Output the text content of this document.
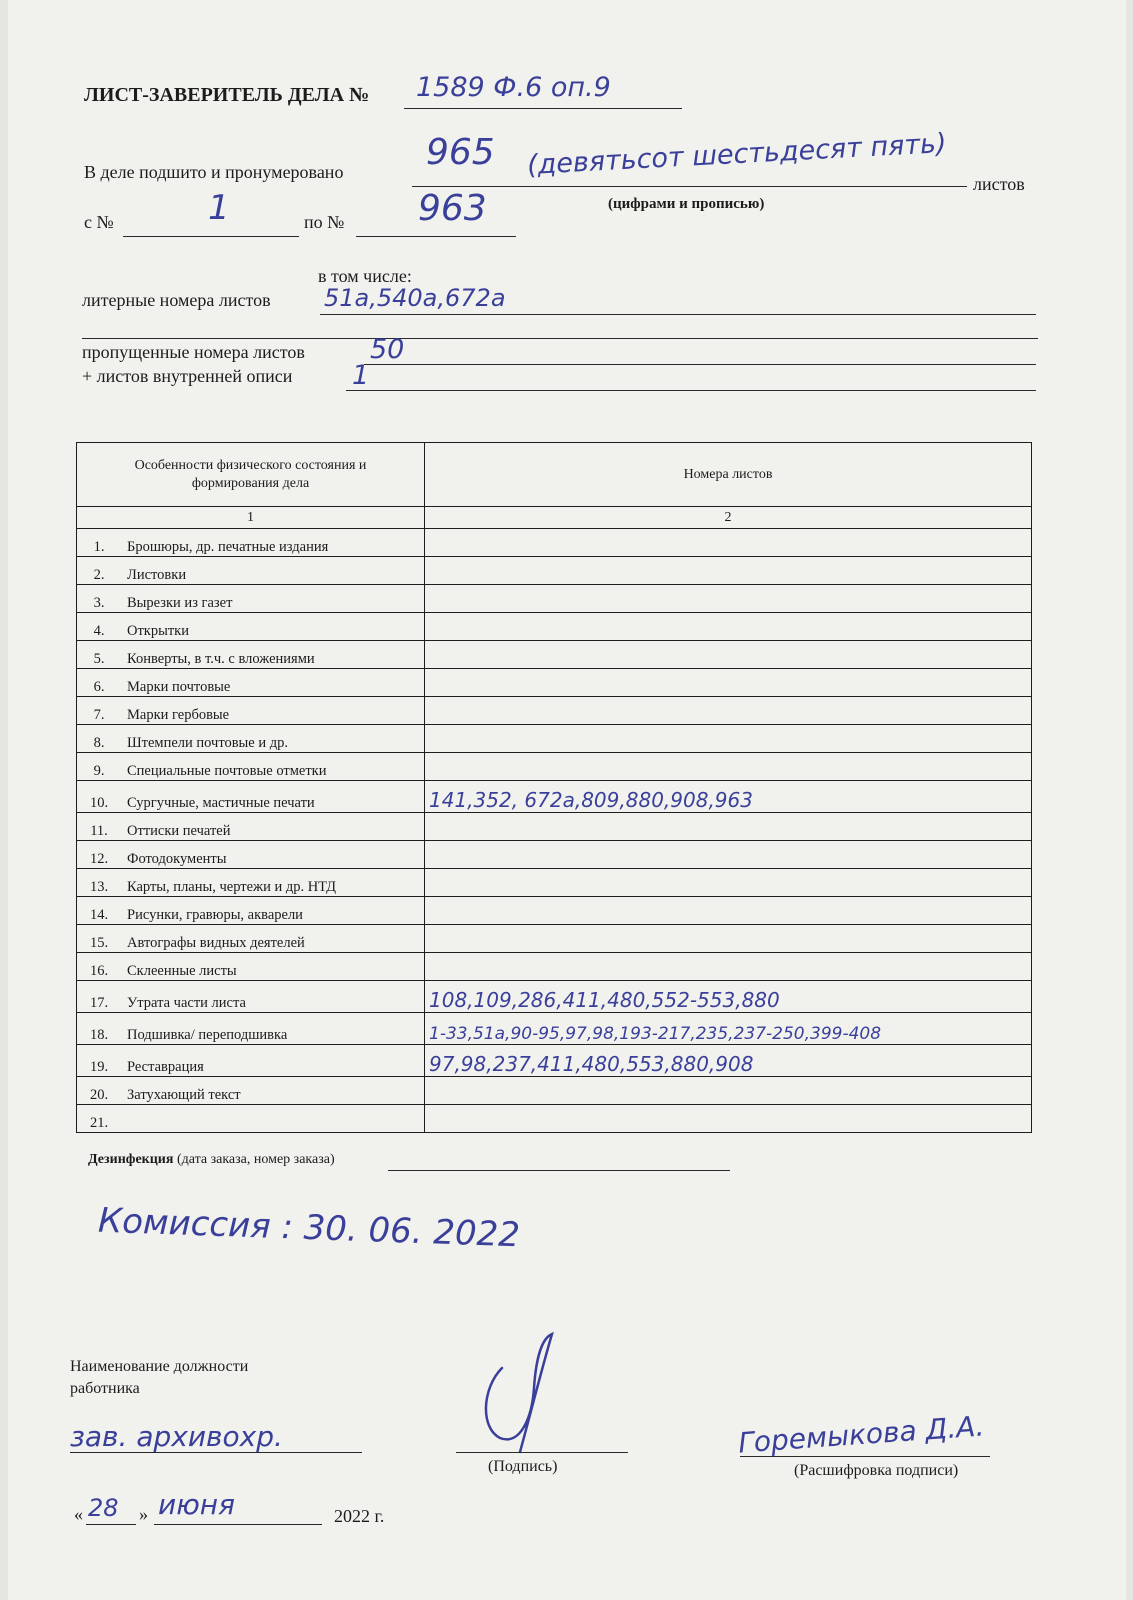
ЛИСТ-ЗАВЕРИТЕЛЬ ДЕЛА № 1589 Ф.6 оп.9
В деле подшито и пронумеровано 965 (девятьсот шестьдесят пять)
листов
(цифрами и прописью)
с №	1	по № 963
в том числе:
литерные номера листов 51а,540а,672а
пропущенные номера листов 50
+ листов внутренней описи 1
Особенности физического состояния и формирования дела	Номера листов
1	2
1. Брошюры, др. печатные издания	
2. Листовки	
3. Вырезки из газет	
4. Открытки	
5. Конверты, в т.ч. с вложениями	
6. Марки почтовые	
7. Марки гербовые	
8. Штемпели почтовые и др.	
9. Специальные почтовые отметки	
10. Сургучные, мастичные печати	141,352, 672а,809,880,908,963

11. Оттиски печатей	
12. Фотодокументы	
13. Карты, планы, чертежи и др. НТД	
14. Рисунки, гравюры, акварели	
15. Автографы видных деятелей	
16. Склеенные листы	
17. Утрата части листа	108,109,286,411,480,552-553,880

18. Подшивка/ переподшивка	1-33,51а,90-95,97,98,193-217,235,237-250,399-408

19. Реставрация	97,98,237,411,480,553,880,908

20. Затухающий текст	
21.	
Дезинфекция (дата заказа, номер заказа)
Комиссия : 30. 06. 2022
Наименование должности
работника
зав. архивохр.
(Подпись)
Горемыкова Д.А.
(Расшифровка подписи)
« 28 » июня	2022 г.
